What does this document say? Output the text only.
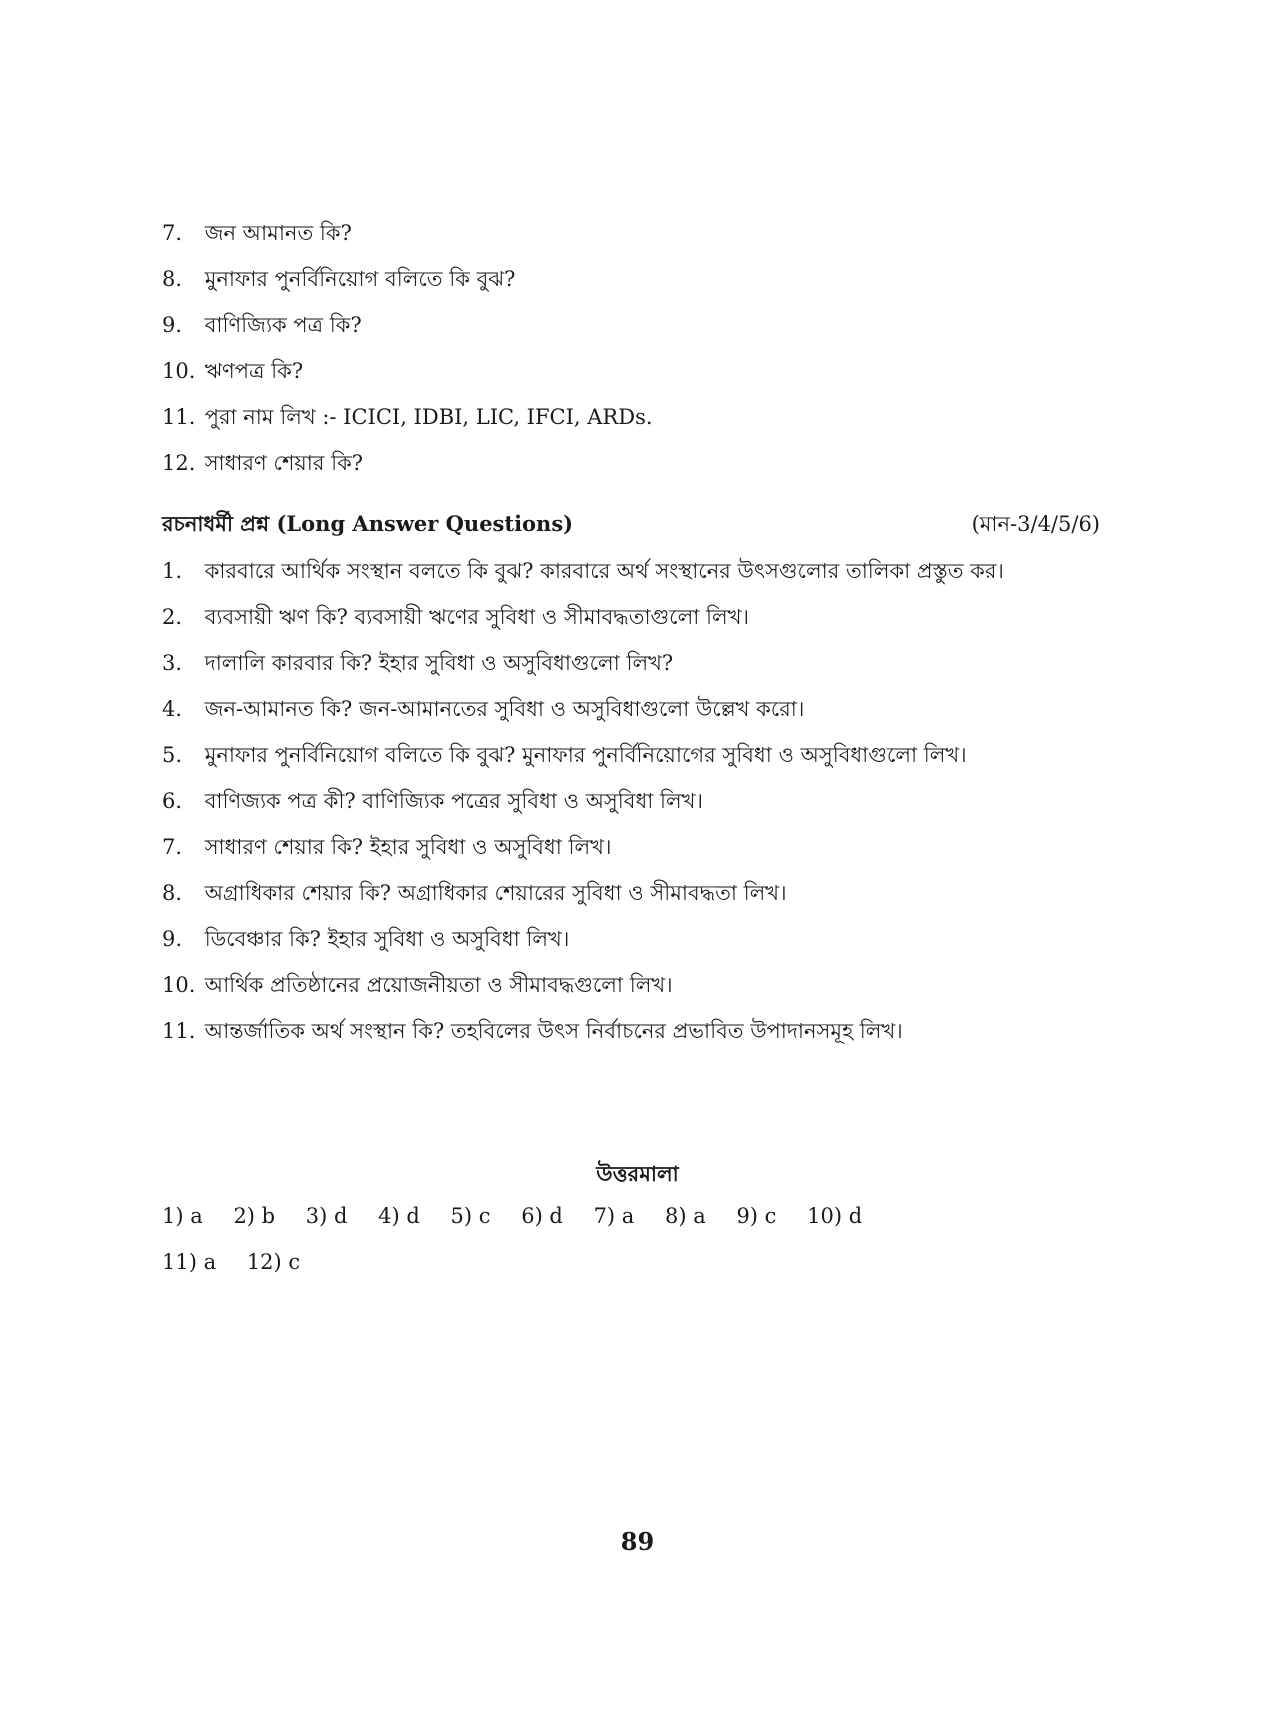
7. জন আমানত কি?
8. মুনাফার পুনর্বিনিয়োগ বলিতে কি বুঝ?
9. বাণিজ্যিক পত্র কি?
10. ঋণপত্র কি?
11. পুরা নাম লিখ :- ICICI, IDBI, LIC, IFCI, ARDs.
12. সাধারণ শেয়ার কি?
রচনাধর্মী প্রশ্ন (Long Answer Questions)	(মান-3/4/5/6)
1. কারবারে আর্থিক সংস্থান বলতে কি বুঝ? কারবারে অর্থ সংস্থানের উৎসগুলোর তালিকা প্রস্তুত কর।
2. ব্যবসায়ী ঋণ কি? ব্যবসায়ী ঋণের সুবিধা ও সীমাবদ্ধতাগুলো লিখ।
3. দালালি কারবার কি? ইহার সুবিধা ও অসুবিধাগুলো লিখ?
4. জন-আমানত কি? জন-আমানতের সুবিধা ও অসুবিধাগুলো উল্লেখ করো।
5. মুনাফার পুনর্বিনিয়োগ বলিতে কি বুঝ? মুনাফার পুনর্বিনিয়োগের সুবিধা ও অসুবিধাগুলো লিখ।
6. বাণিজ্যক পত্র কী? বাণিজ্যিক পত্রের সুবিধা ও অসুবিধা লিখ।
7. সাধারণ শেয়ার কি? ইহার সুবিধা ও অসুবিধা লিখ।
8. অগ্রাধিকার শেয়ার কি? অগ্রাধিকার শেয়ারের সুবিধা ও সীমাবদ্ধতা লিখ।
9. ডিবেঞ্চার কি? ইহার সুবিধা ও অসুবিধা লিখ।
10. আর্থিক প্রতিষ্ঠানের প্রয়োজনীয়তা ও সীমাবদ্ধগুলো লিখ।
11. আন্তর্জাতিক অর্থ সংস্থান কি? তহবিলের উৎস নির্বাচনের প্রভাবিত উপাদানসমূহ লিখ।
উত্তরমালা
1) a 2) b 3) d 4) d 5) c 6) d 7) a 8) a 9) c 10) d
11) a 12) c
89
